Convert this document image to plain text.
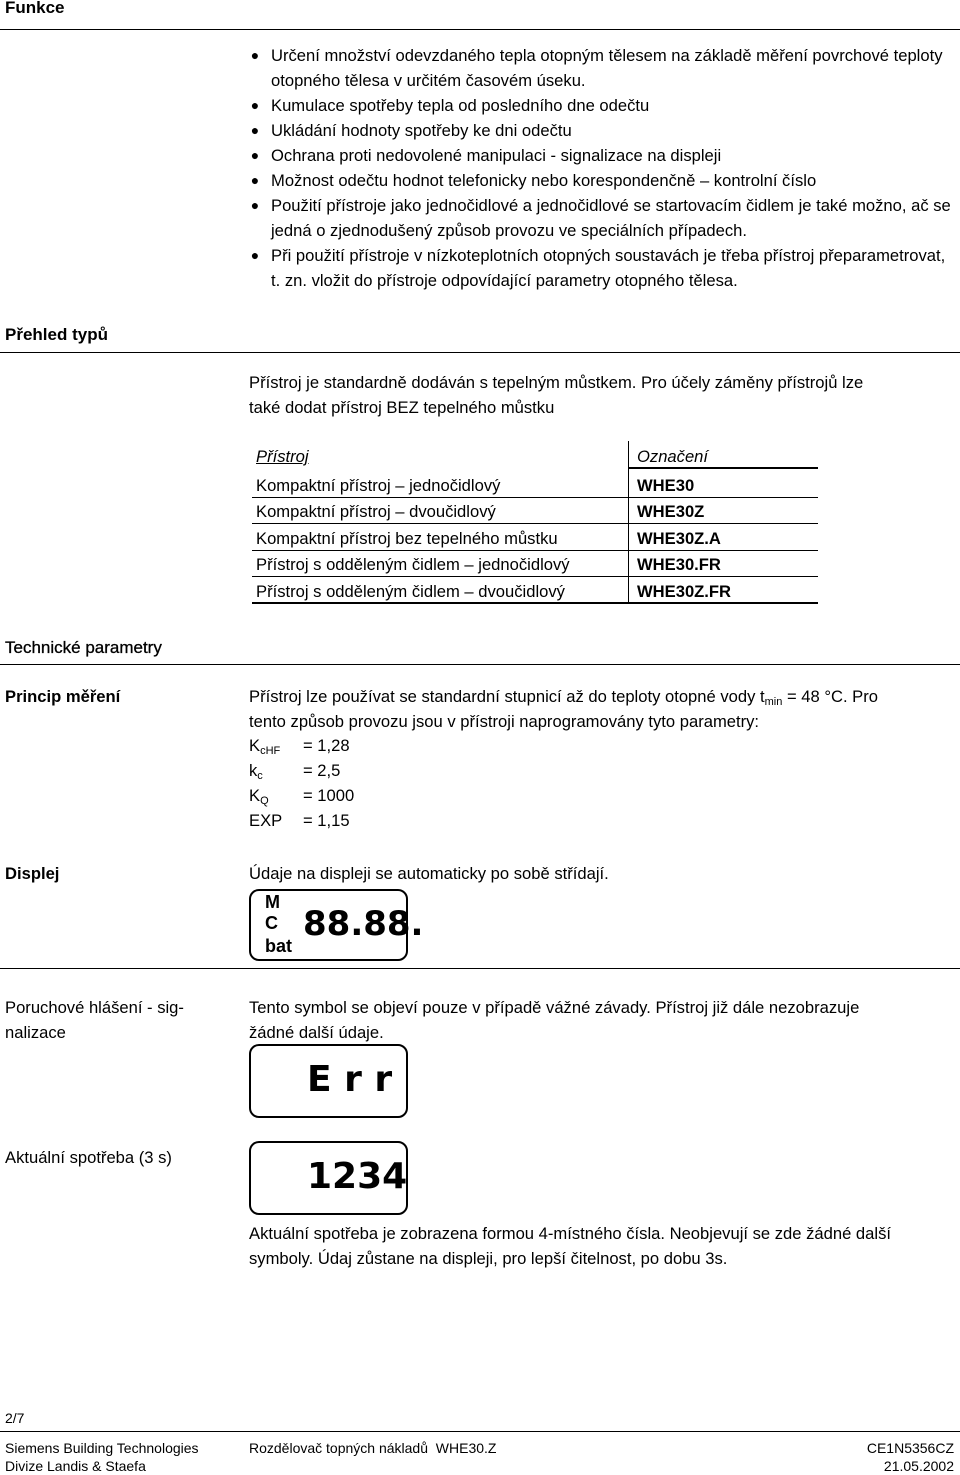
Funkce
● Určení množství odevzdaného tepla otopným tělesem na základě měření povrchové teploty otopného tělesa v určitém časovém úseku.
● Kumulace spotřeby tepla od posledního dne odečtu
● Ukládání hodnoty spotřeby ke dni odečtu
● Ochrana proti nedovolené manipulaci - signalizace na displeji
● Možnost odečtu hodnot telefonicky nebo korespondenčně – kontrolní číslo
● Použití přístroje jako jednočidlové a jednočidlové se startovacím čidlem je také možno, ač se jedná o zjednodušený způsob provozu ve speciálních případech.
● Při použití přístroje v nízkoteplotních otopných soustavách je třeba přístroj přeparametrovat, t. zn. vložit do přístroje odpovídající parametry otopného tělesa.
Přehled typů
Přístroj je standardně dodáván s tepelným můstkem. Pro účely záměny přístrojů lze
také dodat přístroj BEZ tepelného můstku
Přístroj	Označení
Kompaktní přístroj – jednočidlový	WHE30
Kompaktní přístroj – dvoučidlový	WHE30Z
Kompaktní přístroj bez tepelného můstku	WHE30Z.A
Přístroj s odděleným čidlem – jednočidlový	WHE30.FR
Přístroj s odděleným čidlem – dvoučidlový	WHE30Z.FR
Technické parametry
Princip měření	Přístroj lze používat se standardní stupnicí až do teploty otopné vody $t_{min} = 48$ °C. Pro
tento způsob provozu jsou v přístroji naprogramovány tyto parametry:
$K_{cHF} = 1,28$
$k_c = 2,5$
$K_Q = 1000$
EXP = 1,15
Displej	Údaje na displeji se automaticky po sobě střídají.
M
C
bat
88.88.
Poruchové hlášení - sig-
nalizace
Tento symbol se objeví pouze v případě vážné závady. Přístroj již dále nezobrazuje
žádné další údaje.
E r r
Aktuální spotřeba (3 s)	1234
Aktuální spotřeba je zobrazena formou 4-místného čísla. Neobjevují se zde žádné další
symboly. Údaj zůstane na displeji, pro lepší čitelnost, po dobu 3s.
2/7
Siemens Building Technologies
Divize Landis & Staefa
Rozdělovač topných nákladů  WHE30.Z	CE1N5356CZ
21.05.2002
